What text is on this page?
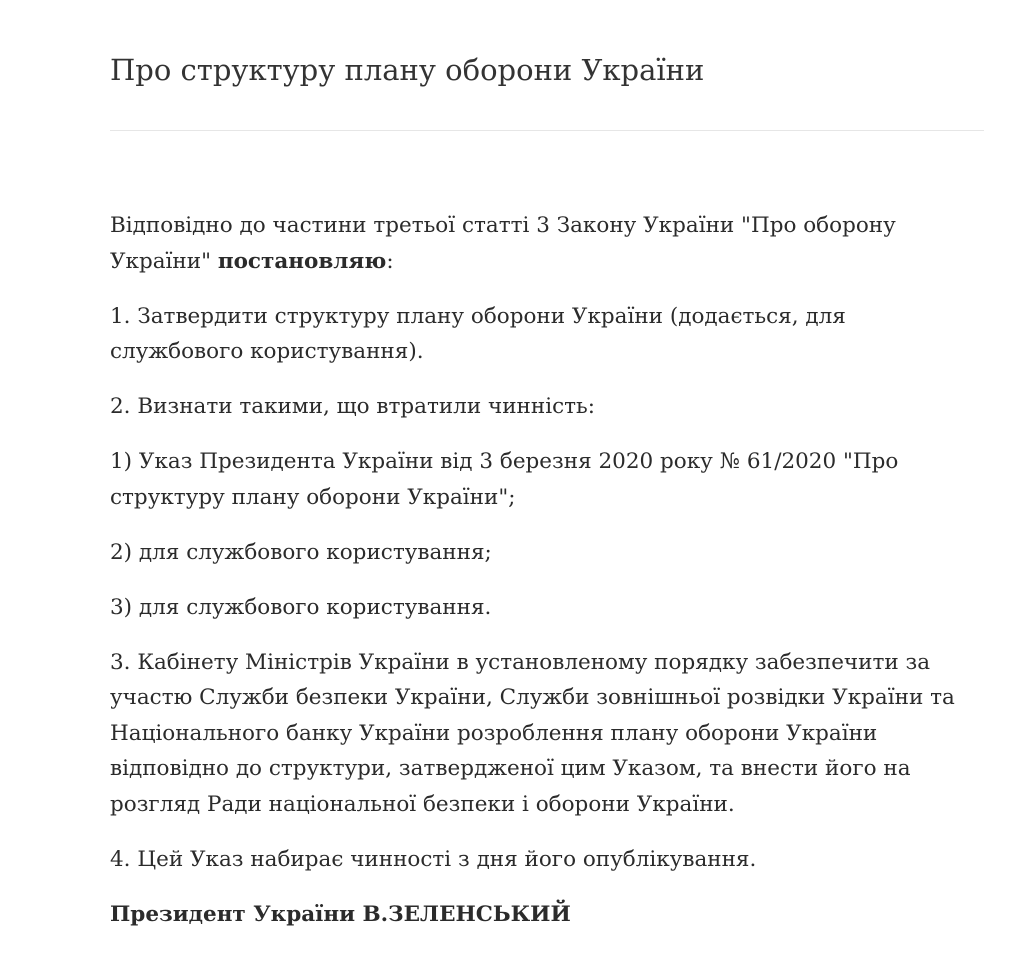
Про структуру плану оборони України

Відповідно до частини третьої статті 3 Закону України "Про оборону України" постановляю:

1. Затвердити структуру плану оборони України (додається, для службового користування).

2. Визнати такими, що втратили чинність:

1) Указ Президента України від 3 березня 2020 року № 61/2020 "Про структуру плану оборони України";

2) для службового користування;

3) для службового користування.

3. Кабінету Міністрів України в установленому порядку забезпечити за участю Служби безпеки України, Служби зовнішньої розвідки України та Національного банку України розроблення плану оборони України відповідно до структури, затвердженої цим Указом, та внести його на розгляд Ради національної безпеки і оборони України.

4. Цей Указ набирає чинності з дня його опублікування.

Президент України В.ЗЕЛЕНСЬКИЙ
